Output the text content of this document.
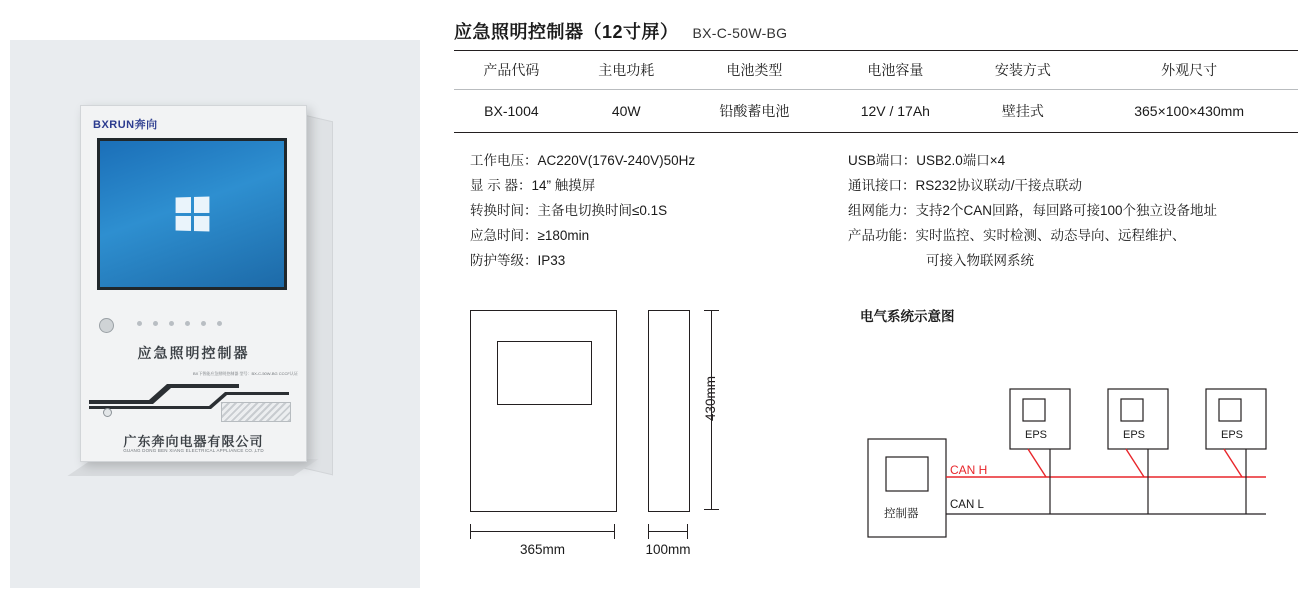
BXRUN奔向
应急照明控制器
BX下智能应急照明控制器 型号：BX-C-50W-BG CCCF认证
广东奔向电器有限公司
GUANG DONG BEN XIANG ELECTRICAL APPLIANCE CO.,LTD
应急照明控制器（12寸屏） BX-C-50W-BG
产品代码	主电功耗	电池类型	电池容量	安装方式	外观尺寸
BX-1004	40W	铅酸蓄电池	12V / 17Ah	壁挂式	365×100×430mm
工作电压： AC220V(176V-240V)50Hz
显 示 器： 14” 触摸屏
转换时间： 主备电切换时间≤0.1S
应急时间： ≥180min
防护等级： IP33
USB端口： USB2.0端口×4
通讯接口： RS232协议联动/干接点联动
组网能力： 支持2个CAN回路，每回路可接100个独立设备地址
产品功能： 实时监控、实时检测、动态导向、远程维护、
可接入物联网系统
365mm	100mm
430mm
电气系统示意图
控制器
CAN H
CAN L
EPS	EPS	EPS
